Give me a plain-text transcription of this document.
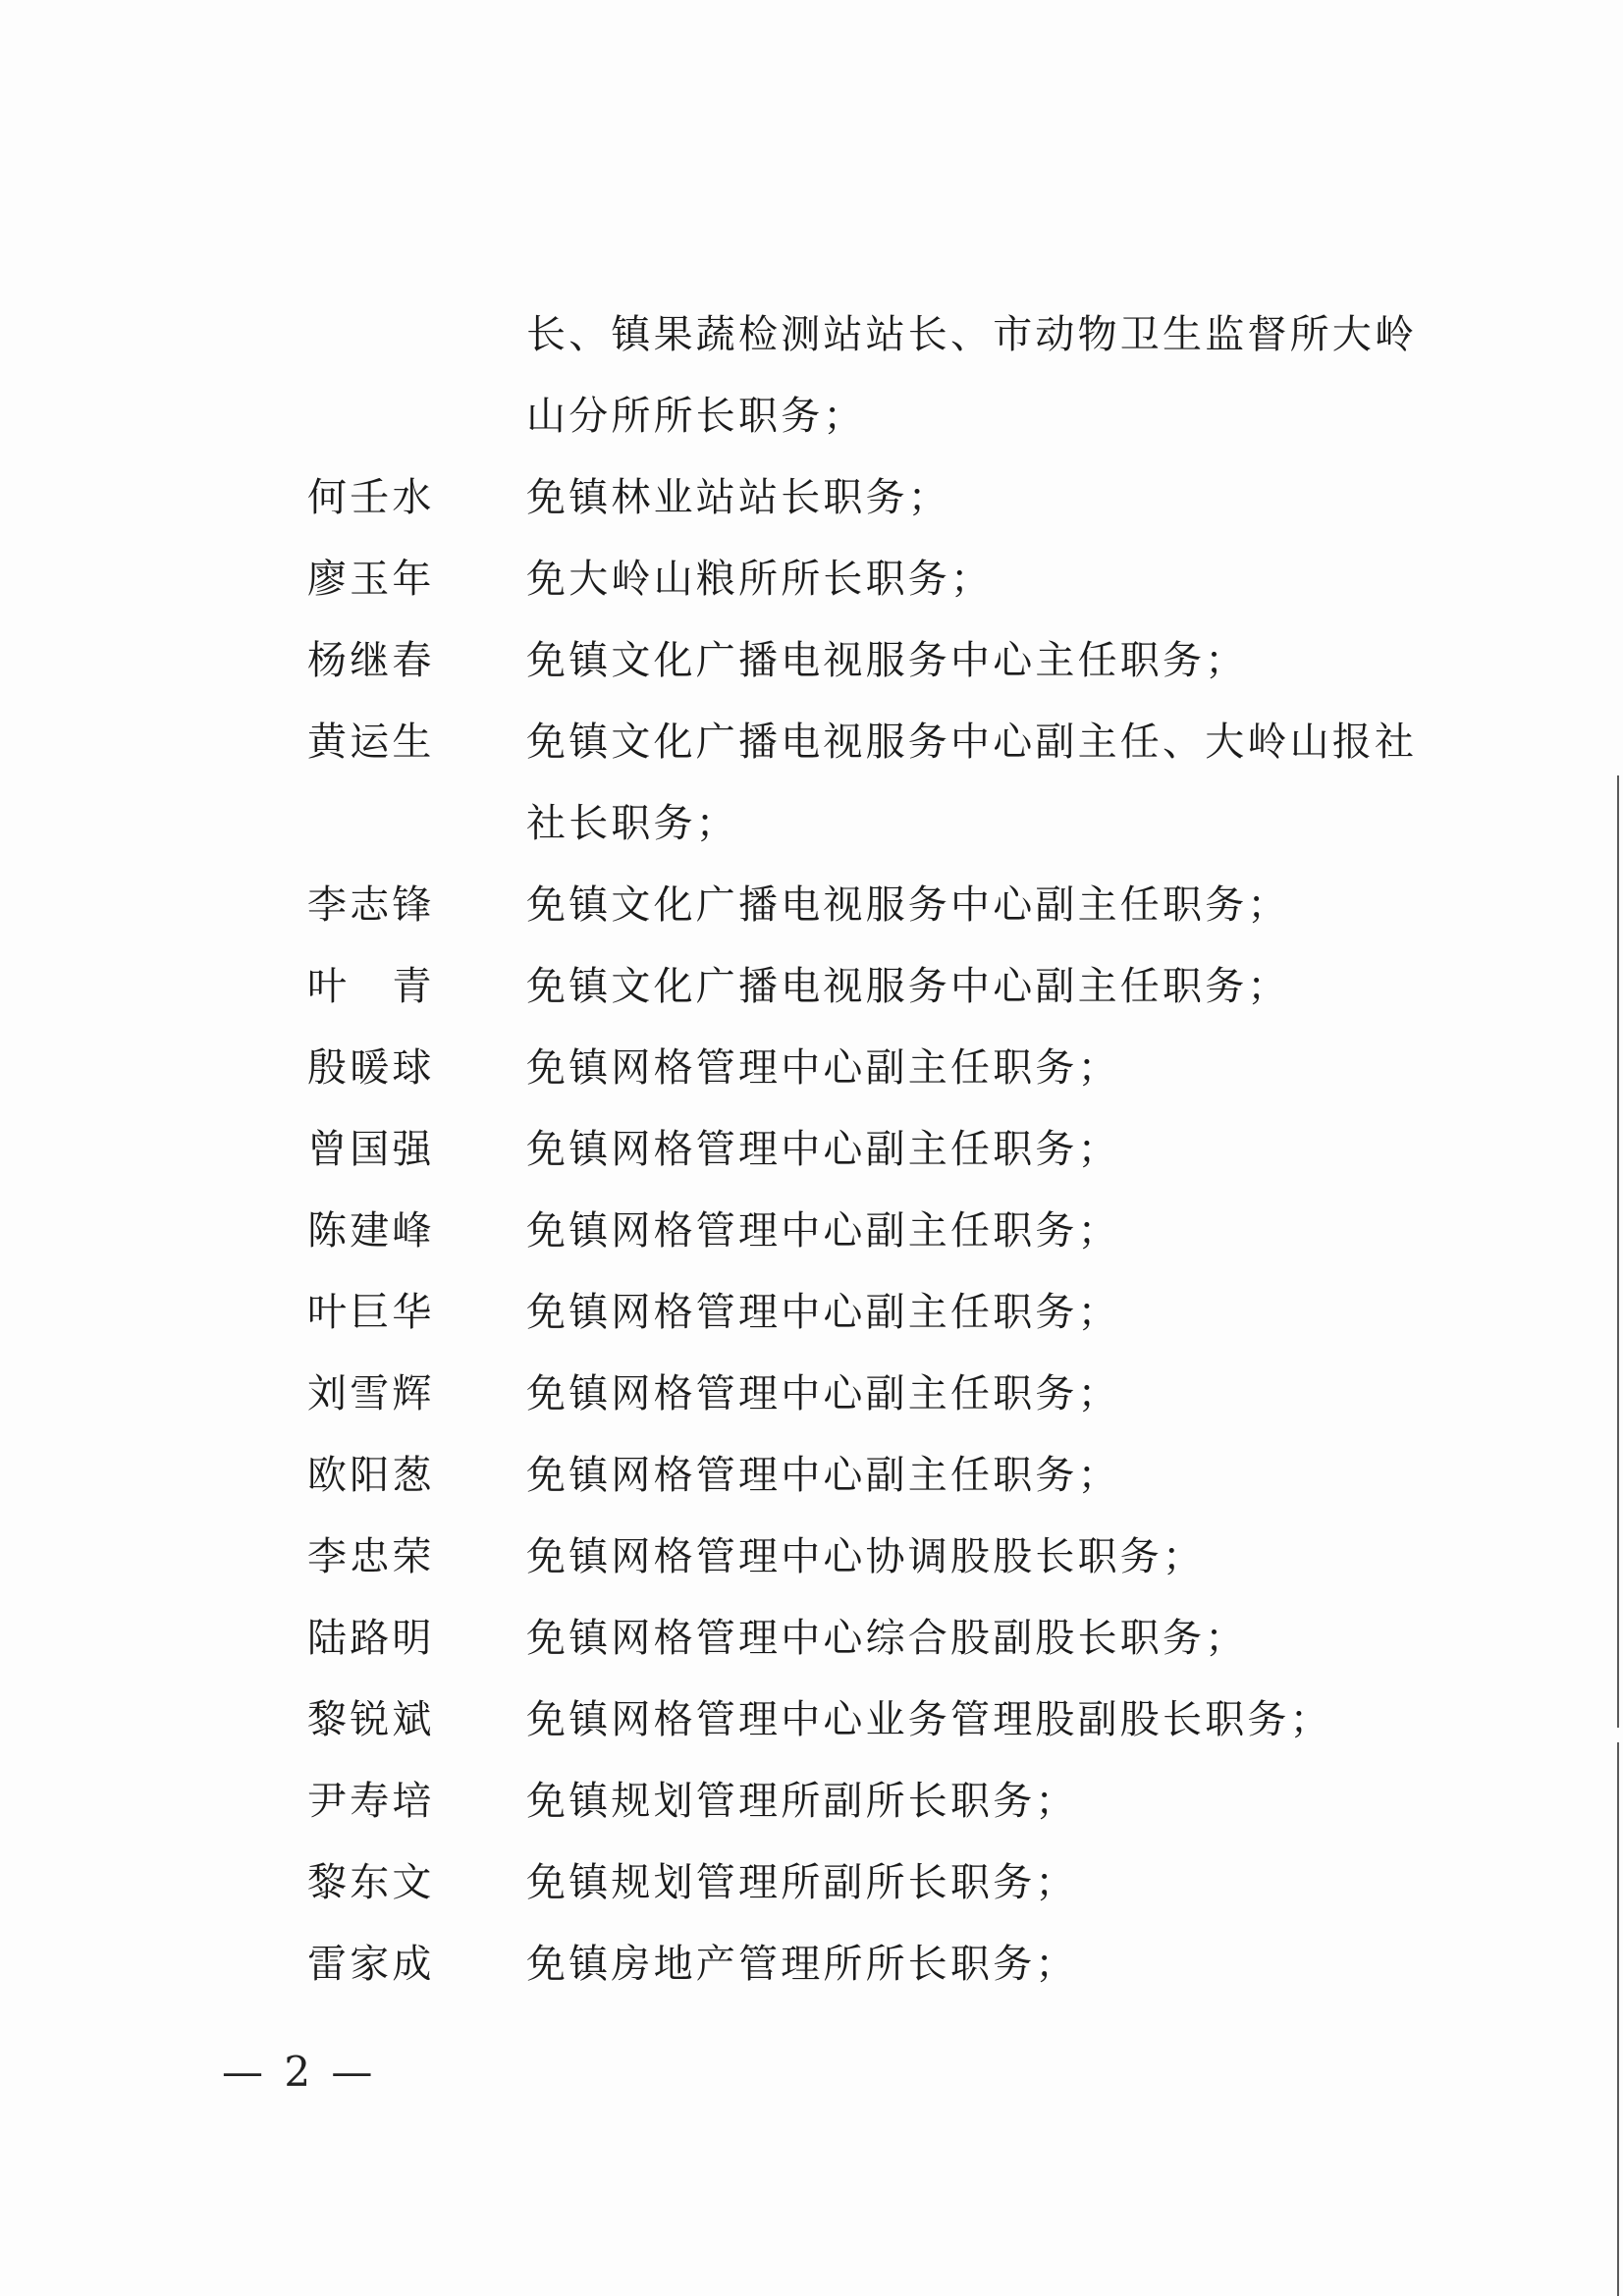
长、镇果蔬检测站站长、市动物卫生监督所大岭
山分所所长职务；
何壬水	免镇林业站站长职务；
廖玉年	免大岭山粮所所长职务；
杨继春	免镇文化广播电视服务中心主任职务；
黄运生	免镇文化广播电视服务中心副主任、大岭山报社
社长职务；
李志锋	免镇文化广播电视服务中心副主任职务；
叶　青	免镇文化广播电视服务中心副主任职务；
殷暖球	免镇网格管理中心副主任职务；
曾国强	免镇网格管理中心副主任职务；
陈建峰	免镇网格管理中心副主任职务；
叶巨华	免镇网格管理中心副主任职务；
刘雪辉	免镇网格管理中心副主任职务；
欧阳葱	免镇网格管理中心副主任职务；
李忠荣	免镇网格管理中心协调股股长职务；
陆路明	免镇网格管理中心综合股副股长职务；
黎锐斌	免镇网格管理中心业务管理股副股长职务；
尹寿培	免镇规划管理所副所长职务；
黎东文	免镇规划管理所副所长职务；
雷家成	免镇房地产管理所所长职务；
— 2 —
